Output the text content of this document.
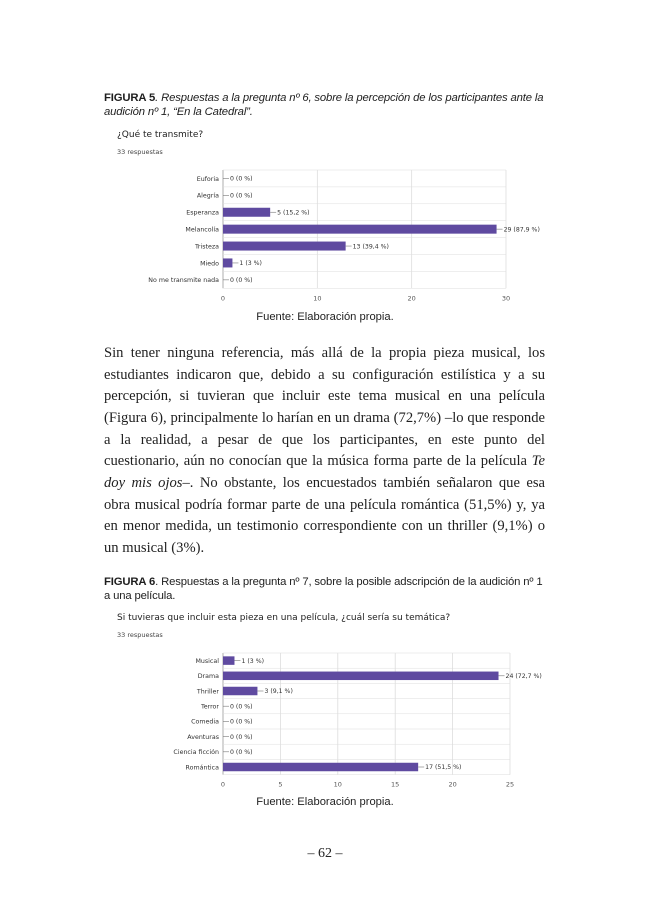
FIGURA 5. Respuestas a la pregunta nº 6, sobre la percepción de los participantes ante la audición nº 1, “En la Catedral”.
¿Qué te transmite?
33 respuestas
0	10	20	30
Euforia 0 (0 %)
Alegría 0 (0 %)
Esperanza	5 (15,2 %)
Melancolía	29 (87,9 %)
Tristeza	13 (39,4 %)
Miedo	1 (3 %)
No me transmite nada 0 (0 %)
Fuente: Elaboración propia.

Sin tener ninguna referencia, más allá de la propia pieza musical, los estudiantes indicaron que, debido a su configuración estilística y a su percepción, si tuvieran que incluir este tema musical en una película (Figura 6), principalmente lo harían en un drama (72,7%) –lo que responde a la realidad, a pesar de que los participantes, en este punto del cuestionario, aún no conocían que la música forma parte de la película Te doy mis ojos–. No obstante, los encuestados también señalaron que esa obra musical podría formar parte de una película romántica (51,5%) y, ya en menor medida, un testimonio correspondiente con un thriller (9,1%) o un musical (3%).

FIGURA 6. Respuestas a la pregunta nº 7, sobre la posible adscripción de la audición nº 1 a una película.
Si tuvieras que incluir esta pieza en una película, ¿cuál sería su temática?
33 respuestas
0	5	10	15	20	25
Musical	1 (3 %)
Drama	24 (72,7 %)
Thriller	3 (9,1 %)
Terror 0 (0 %)
Comedia 0 (0 %)
Aventuras 0 (0 %)
Ciencia ficción 0 (0 %)
Romántica	17 (51,5 %)
Fuente: Elaboración propia.
– 62 –
